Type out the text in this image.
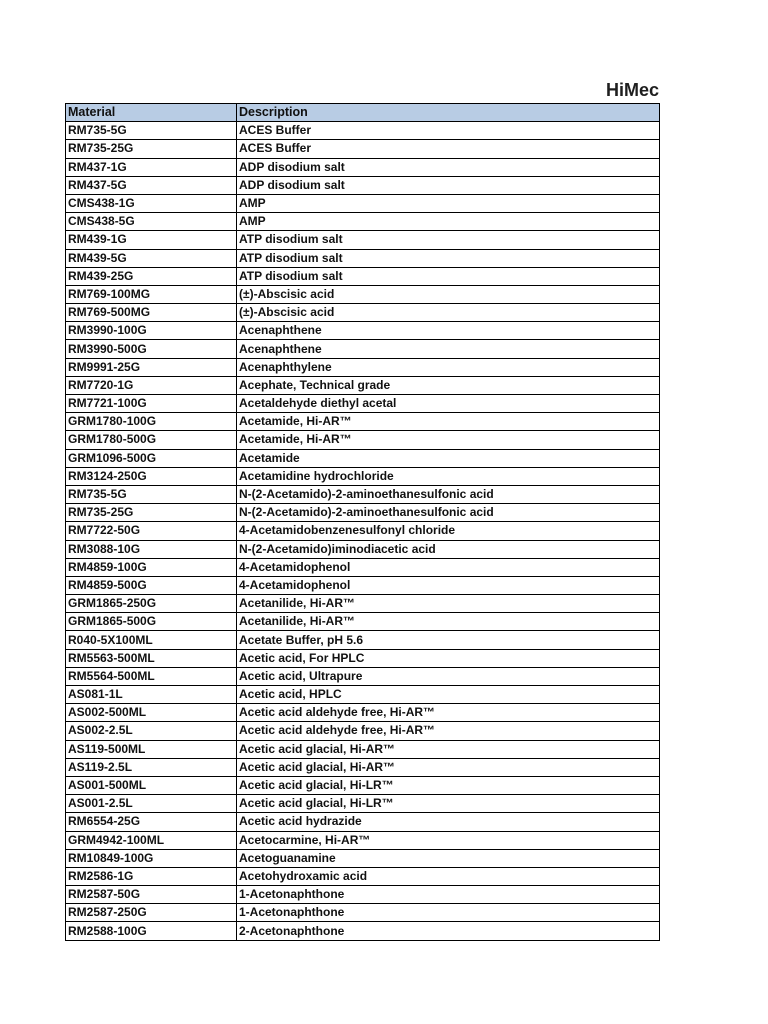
HiMec
Material	Description
RM735-5G	ACES Buffer
RM735-25G	ACES Buffer
RM437-1G	ADP disodium salt
RM437-5G	ADP disodium salt
CMS438-1G	AMP
CMS438-5G	AMP
RM439-1G	ATP disodium salt
RM439-5G	ATP disodium salt
RM439-25G	ATP disodium salt
RM769-100MG	(±)-Abscisic acid
RM769-500MG	(±)-Abscisic acid
RM3990-100G	Acenaphthene
RM3990-500G	Acenaphthene
RM9991-25G	Acenaphthylene
RM7720-1G	Acephate, Technical grade
RM7721-100G	Acetaldehyde diethyl acetal
GRM1780-100G	Acetamide, Hi-AR™
GRM1780-500G	Acetamide, Hi-AR™
GRM1096-500G	Acetamide
RM3124-250G	Acetamidine hydrochloride
RM735-5G	N-(2-Acetamido)-2-aminoethanesulfonic acid
RM735-25G	N-(2-Acetamido)-2-aminoethanesulfonic acid
RM7722-50G	4-Acetamidobenzenesulfonyl chloride
RM3088-10G	N-(2-Acetamido)iminodiacetic acid
RM4859-100G	4-Acetamidophenol
RM4859-500G	4-Acetamidophenol
GRM1865-250G	Acetanilide, Hi-AR™
GRM1865-500G	Acetanilide, Hi-AR™
R040-5X100ML	Acetate Buffer, pH 5.6
RM5563-500ML	Acetic acid, For HPLC
RM5564-500ML	Acetic acid, Ultrapure
AS081-1L	Acetic acid, HPLC
AS002-500ML	Acetic acid aldehyde free, Hi-AR™
AS002-2.5L	Acetic acid aldehyde free, Hi-AR™
AS119-500ML	Acetic acid glacial, Hi-AR™
AS119-2.5L	Acetic acid glacial, Hi-AR™
AS001-500ML	Acetic acid glacial, Hi-LR™
AS001-2.5L	Acetic acid glacial, Hi-LR™
RM6554-25G	Acetic acid hydrazide
GRM4942-100ML	Acetocarmine, Hi-AR™
RM10849-100G	Acetoguanamine
RM2586-1G	Acetohydroxamic acid
RM2587-50G	1-Acetonaphthone
RM2587-250G	1-Acetonaphthone
RM2588-100G	2-Acetonaphthone
